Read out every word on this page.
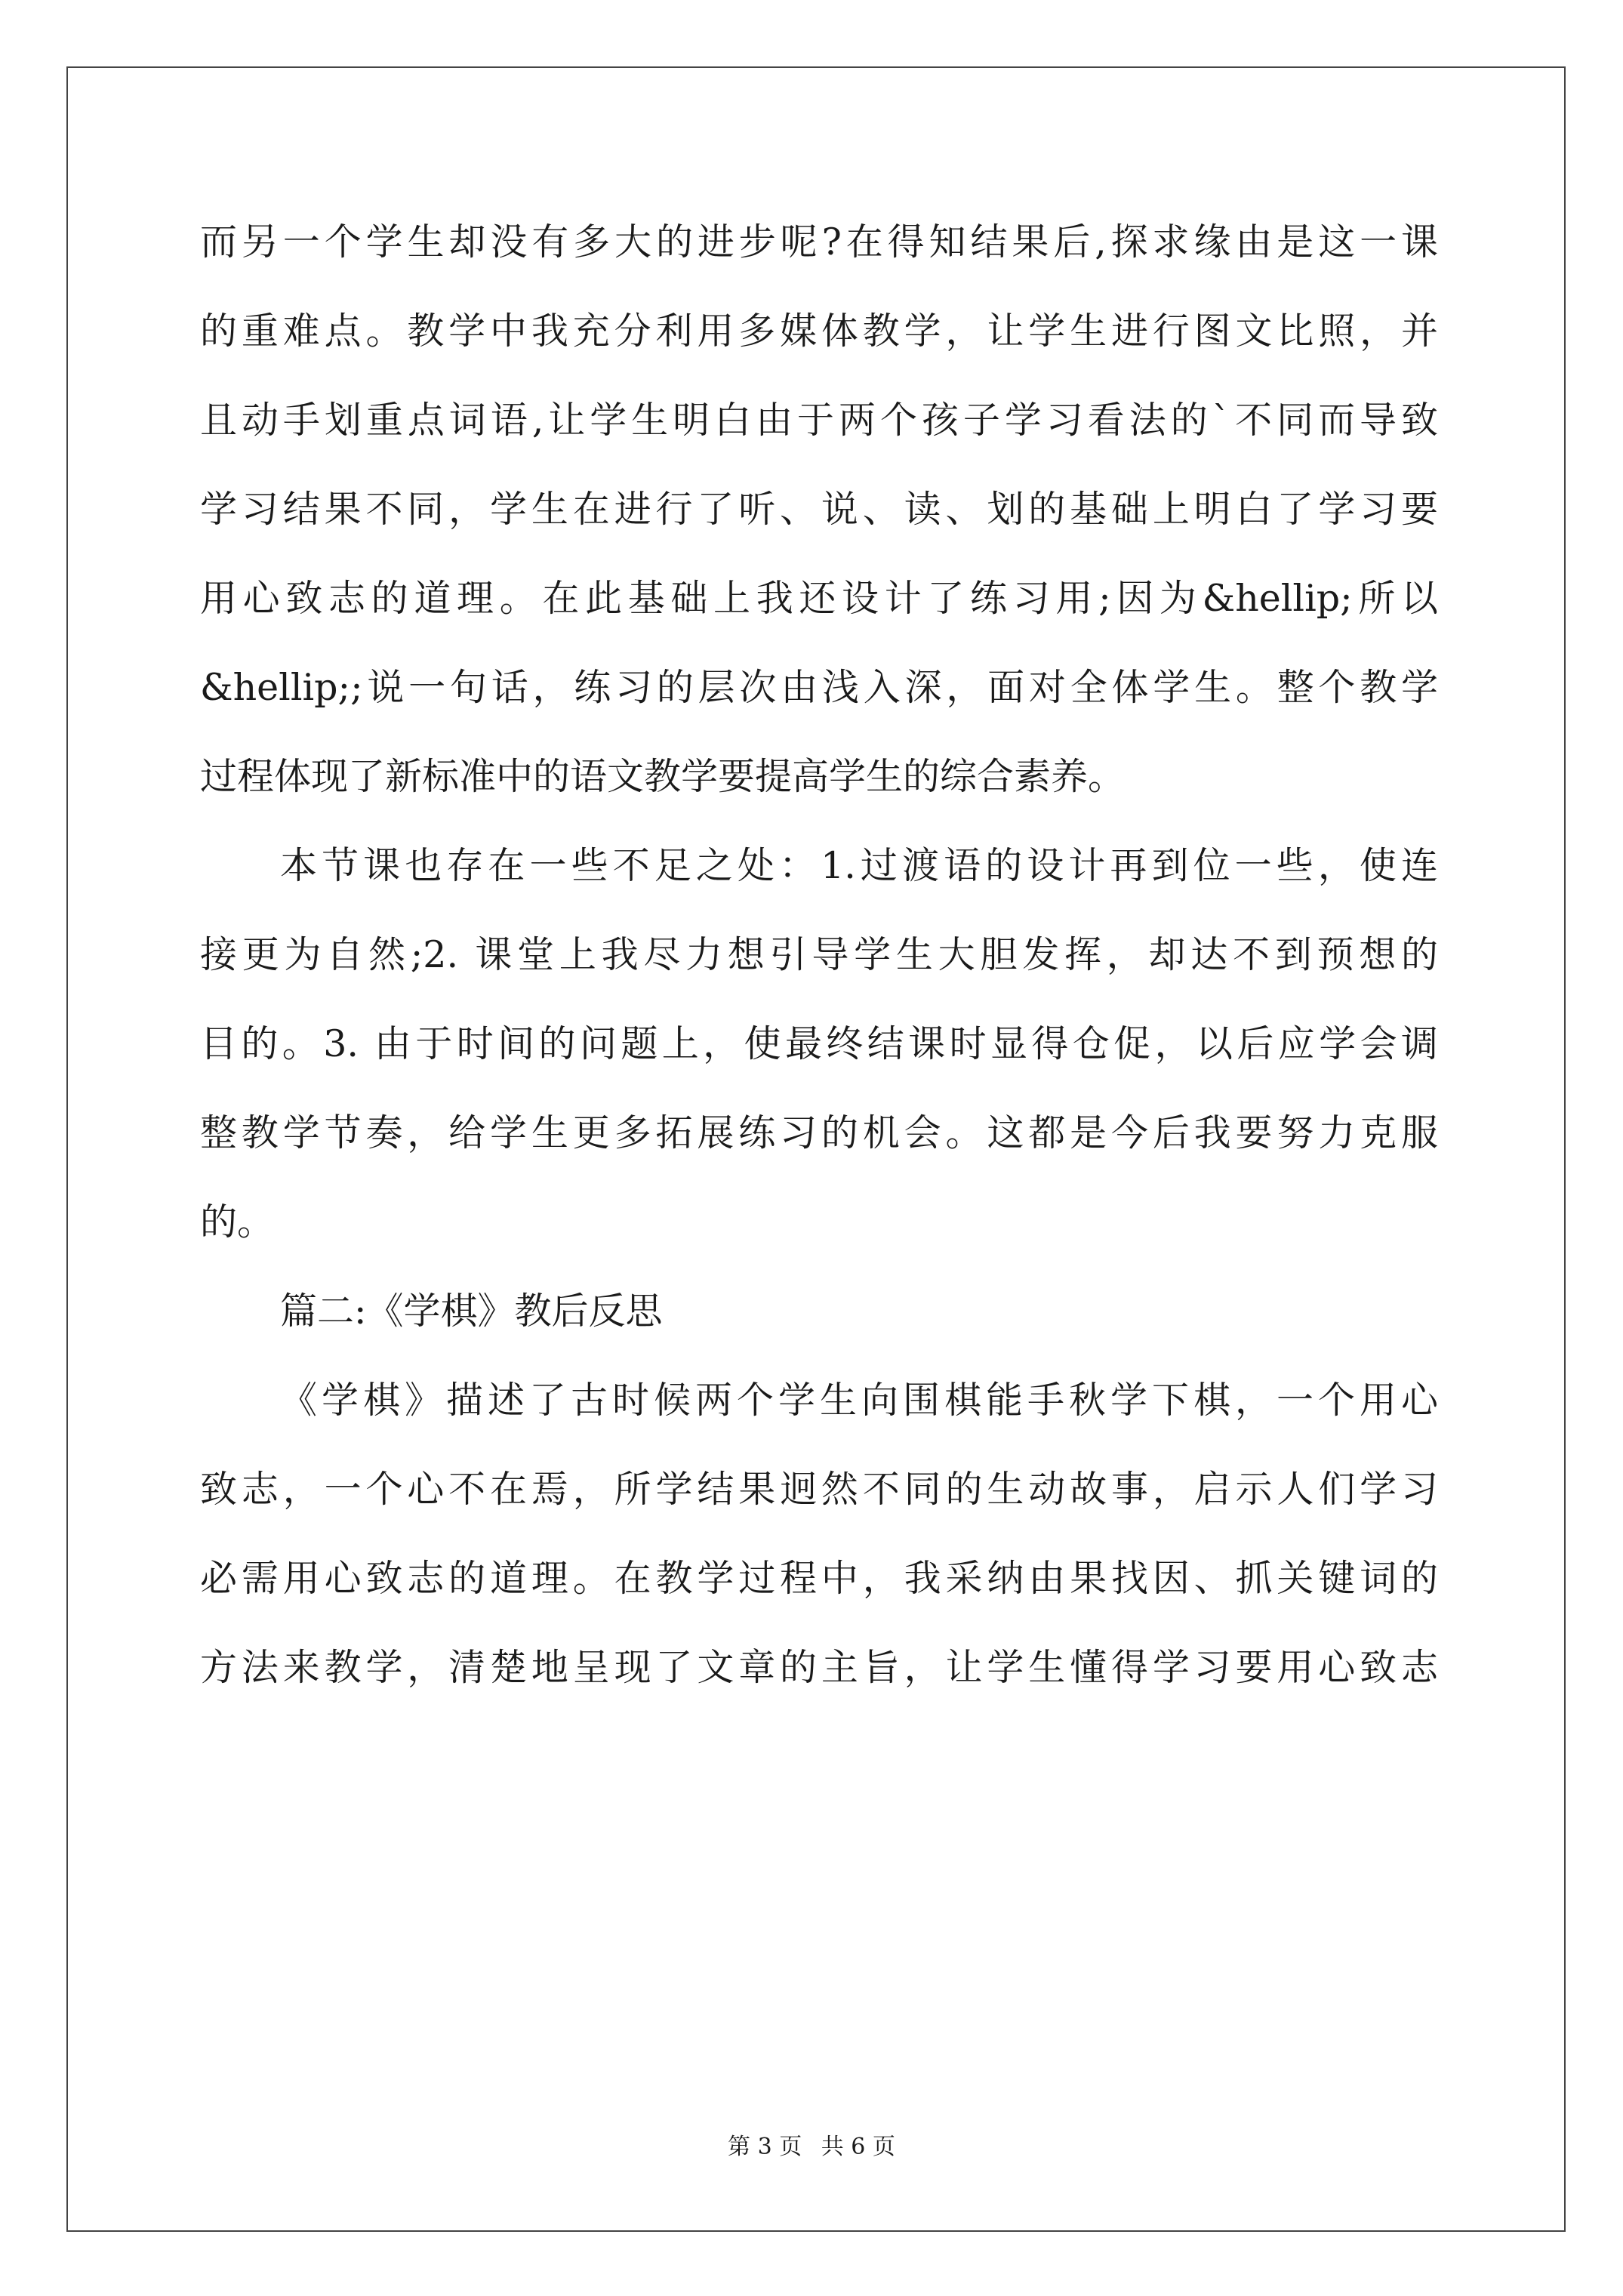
而另一个学生却没有多大的进步呢?在得知结果后,探求缘由是这一课
的重难点。教学中我充分利用多媒体教学，让学生进行图文比照，并
且动手划重点词语,让学生明白由于两个孩子学习看法的`不同而导致
学习结果不同，学生在进行了听、说、读、划的基础上明白了学习要
用心致志的道理。在此基础上我还设计了练习用;因为&hellip;所以
&hellip;;说一句话，练习的层次由浅入深，面对全体学生。整个教学
过程体现了新标准中的语文教学要提高学生的综合素养。
本节课也存在一些不足之处：1.过渡语的设计再到位一些，使连
接更为自然;2. 课堂上我尽力想引导学生大胆发挥，却达不到预想的
目的。3. 由于时间的问题上，使最终结课时显得仓促，以后应学会调
整教学节奏，给学生更多拓展练习的机会。这都是今后我要努力克服
的。
篇二:《学棋》教后反思
《学棋》描述了古时候两个学生向围棋能手秋学下棋，一个用心
致志，一个心不在焉，所学结果迥然不同的生动故事，启示人们学习
必需用心致志的道理。在教学过程中，我采纳由果找因、抓关键词的
方法来教学，清楚地呈现了文章的主旨，让学生懂得学习要用心致志
第 3 页 共 6 页
